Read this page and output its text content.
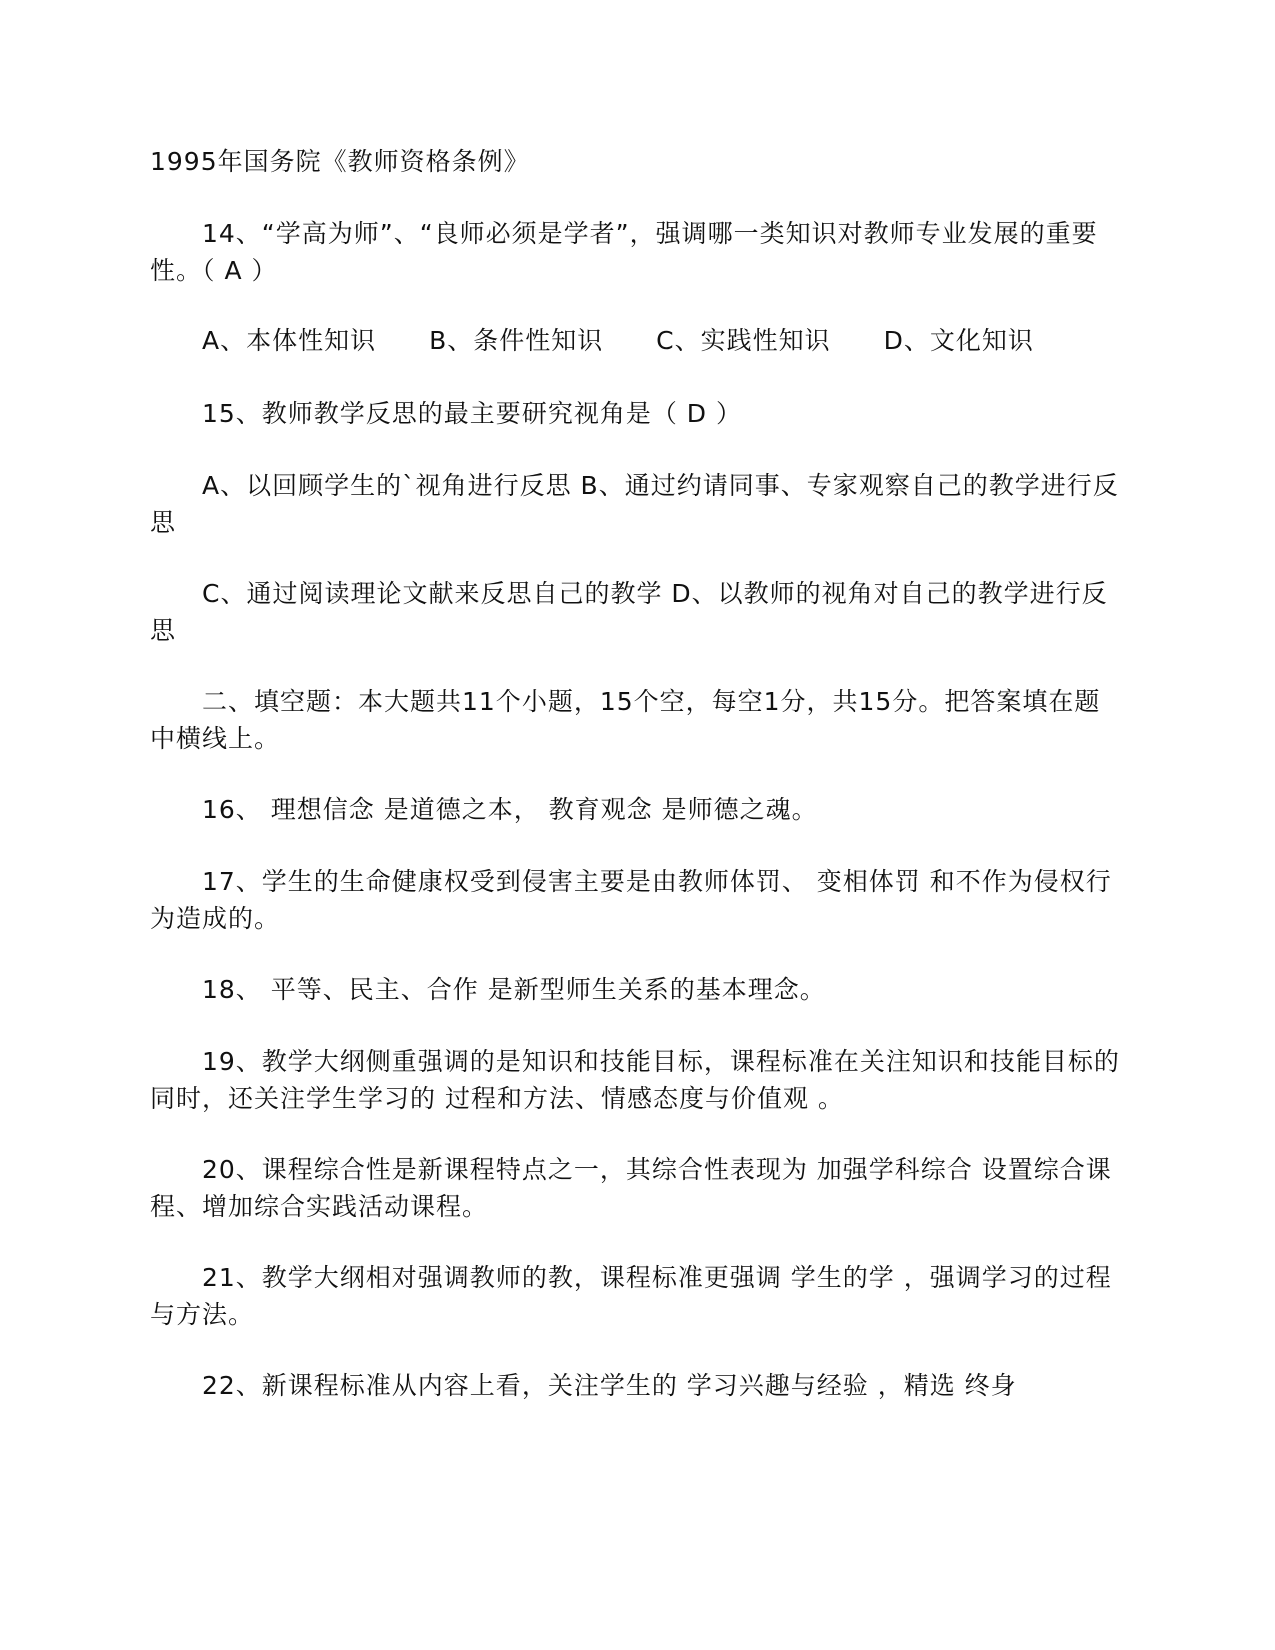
1995年国务院《教师资格条例》

14、“学高为师”、“良师必须是学者”，强调哪一类知识对教师专业发展的重要性。（ A ）

A、本体性知识 B、条件性知识 C、实践性知识 D、文化知识

15、教师教学反思的最主要研究视角是（ D ）

A、以回顾学生的`视角进行反思 B、通过约请同事、专家观察自己的教学进行反思

C、通过阅读理论文献来反思自己的教学 D、以教师的视角对自己的教学进行反思

二、填空题：本大题共11个小题，15个空，每空1分，共15分。把答案填在题中横线上。

16、 理想信念 是道德之本， 教育观念 是师德之魂。

17、学生的生命健康权受到侵害主要是由教师体罚、 变相体罚 和不作为侵权行为造成的。

18、 平等、民主、合作 是新型师生关系的基本理念。

19、教学大纲侧重强调的是知识和技能目标，课程标准在关注知识和技能目标的同时，还关注学生学习的 过程和方法、情感态度与价值观 。

20、课程综合性是新课程特点之一，其综合性表现为 加强学科综合 设置综合课程、增加综合实践活动课程。

21、教学大纲相对强调教师的教，课程标准更强调 学生的学 ，强调学习的过程与方法。

22、新课程标准从内容上看，关注学生的 学习兴趣与经验 ，精选 终身
